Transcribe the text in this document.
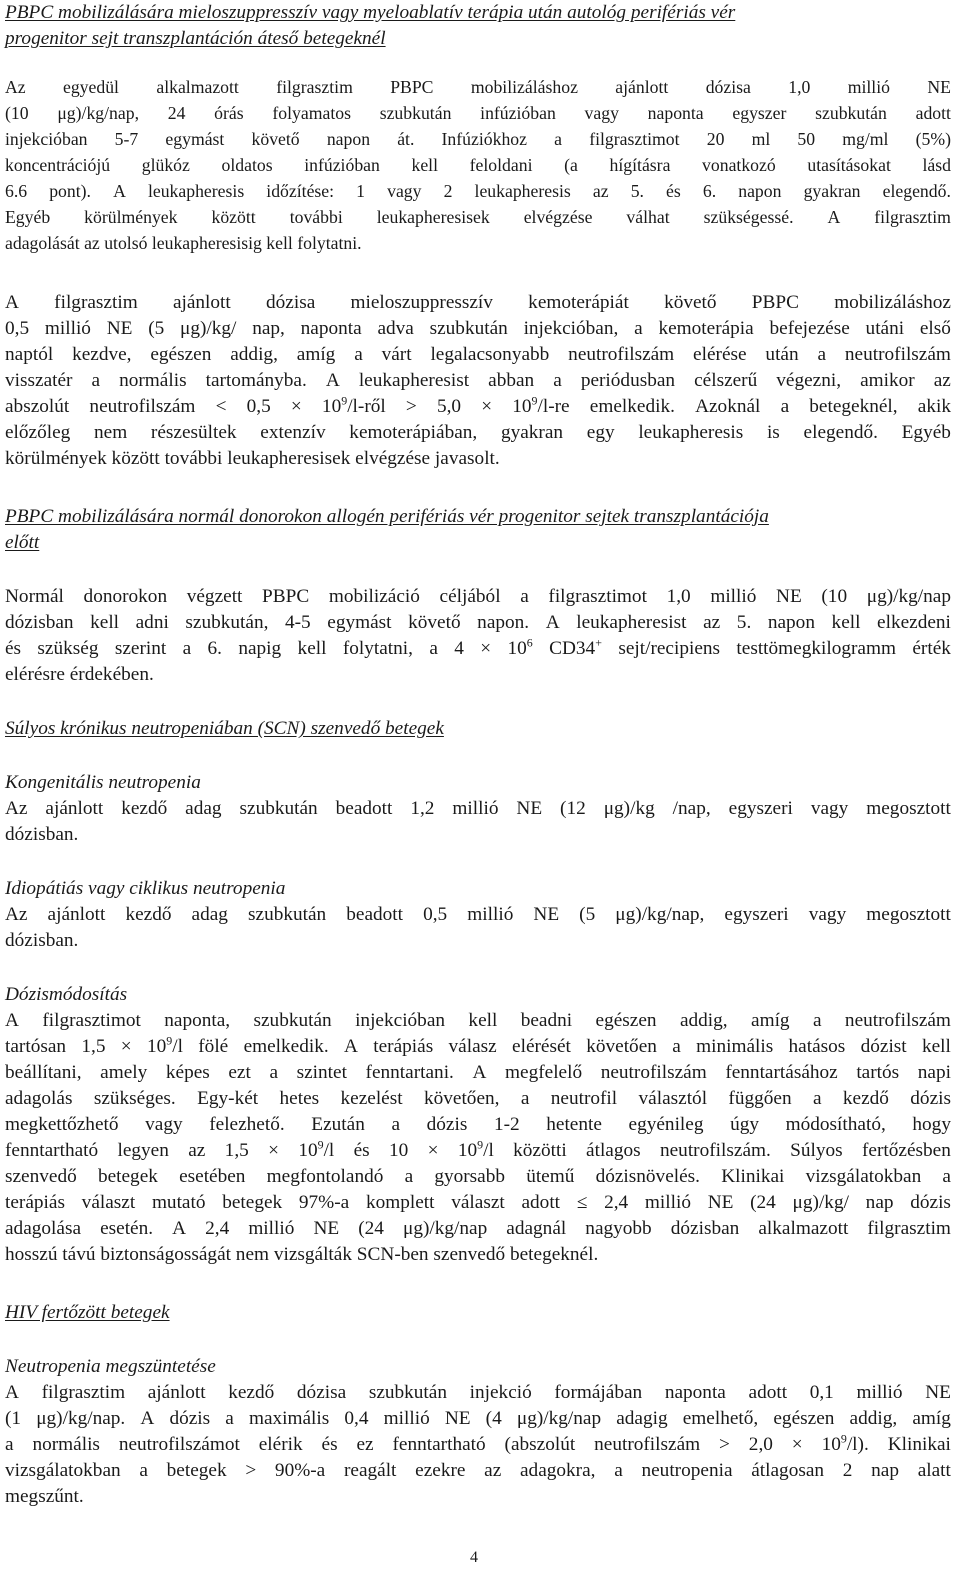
PBPC mobilizálására mieloszuppresszív vagy myeloablatív terápia után autológ perifériás vér
progenitor sejt transzplantáción áteső betegeknél
Az egyedül alkalmazott filgrasztim PBPC mobilizáláshoz ajánlott dózisa 1,0 millió NE
(10 μg)/kg/nap, 24 órás folyamatos szubkután infúzióban vagy naponta egyszer szubkután adott
injekcióban 5-7 egymást követő napon át. Infúziókhoz a filgrasztimot 20 ml 50 mg/ml (5%)
koncentrációjú glükóz oldatos infúzióban kell feloldani (a hígításra vonatkozó utasításokat lásd
6.6 pont). A leukapheresis időzítése: 1 vagy 2 leukapheresis az 5. és 6. napon gyakran elegendő.
Egyéb körülmények között további leukapheresisek elvégzése válhat szükségessé. A filgrasztim
adagolását az utolsó leukapheresisig kell folytatni.
A filgrasztim ajánlott dózisa mieloszuppresszív kemoterápiát követő PBPC mobilizáláshoz
0,5 millió NE (5 μg)/kg/ nap, naponta adva szubkután injekcióban, a kemoterápia befejezése utáni első
naptól kezdve, egészen addig, amíg a várt legalacsonyabb neutrofilszám elérése után a neutrofilszám
visszatér a normális tartományba. A leukapheresist abban a periódusban célszerű végezni, amikor az
abszolút neutrofilszám < $0,5 \times 10^9/l$-ről > $5,0 \times 10^9/l-re$ emelkedik. Azoknál a betegeknél, akik
előzőleg nem részesültek extenzív kemoterápiában, gyakran egy leukapheresis is elegendő. Egyéb
körülmények között további leukapheresisek elvégzése javasolt.
PBPC mobilizálására normál donorokon allogén perifériás vér progenitor sejtek transzplantációja
előtt
Normál donorokon végzett PBPC mobilizáció céljából a filgrasztimot 1,0 millió NE (10 μg)/kg/nap
dózisban kell adni szubkután, 4-5 egymást követő napon. A leukapheresist az 5. napon kell elkezdeni
és szükség szerint a 6. napig kell folytatni, a $4 \times 10^6$ CD34+ sejt/recipiens testtömegkilogramm érték
elérésre érdekében.
Súlyos krónikus neutropeniában (SCN) szenvedő betegek
Kongenitális neutropenia
Az ajánlott kezdő adag szubkután beadott 1,2 millió NE (12 μg)/kg /nap, egyszeri vagy megosztott
dózisban.
Idiopátiás vagy ciklikus neutropenia
Az ajánlott kezdő adag szubkután beadott 0,5 millió NE (5 μg)/kg/nap, egyszeri vagy megosztott
dózisban.
Dózismódosítás
A filgrasztimot naponta, szubkután injekcióban kell beadni egészen addig, amíg a neutrofilszám
tartósan $1,5 \times 10^9/l$ fölé emelkedik. A terápiás válasz elérését követően a minimális hatásos dózist kell
beállítani, amely képes ezt a szintet fenntartani. A megfelelő neutrofilszám fenntartásához tartós napi
adagolás szükséges. Egy-két hetes kezelést követően, a neutrofil választól függően a kezdő dózis
megkettőzhető vagy felezhető. Ezután a dózis 1-2 hetente egyénileg úgy módosítható, hogy
fenntartható legyen az $1,5 \times 10^9/l$ és $10 \times 10^9/l$ közötti átlagos neutrofilszám. Súlyos fertőzésben
szenvedő betegek esetében megfontolandó a gyorsabb ütemű dózisnövelés. Klinikai vizsgálatokban a
terápiás választ mutató betegek 97%-a komplett választ adott ≤ 2,4 millió NE (24 μg)/kg/ nap dózis
adagolása esetén. A 2,4 millió NE (24 μg)/kg/nap adagnál nagyobb dózisban alkalmazott filgrasztim
hosszú távú biztonságosságát nem vizsgálták SCN-ben szenvedő betegeknél.
HIV fertőzött betegek
Neutropenia megszüntetése
A filgrasztim ajánlott kezdő dózisa szubkután injekció formájában naponta adott 0,1 millió NE
(1 μg)/kg/nap. A dózis a maximális 0,4 millió NE (4 μg)/kg/nap adagig emelhető, egészen addig, amíg
a normális neutrofilszámot elérik és ez fenntartható (abszolút neutrofilszám > $2,0 \times 10^9/l$). Klinikai
vizsgálatokban a betegek > 90%-a reagált ezekre az adagokra, a neutropenia átlagosan 2 nap alatt
megszűnt.
4
